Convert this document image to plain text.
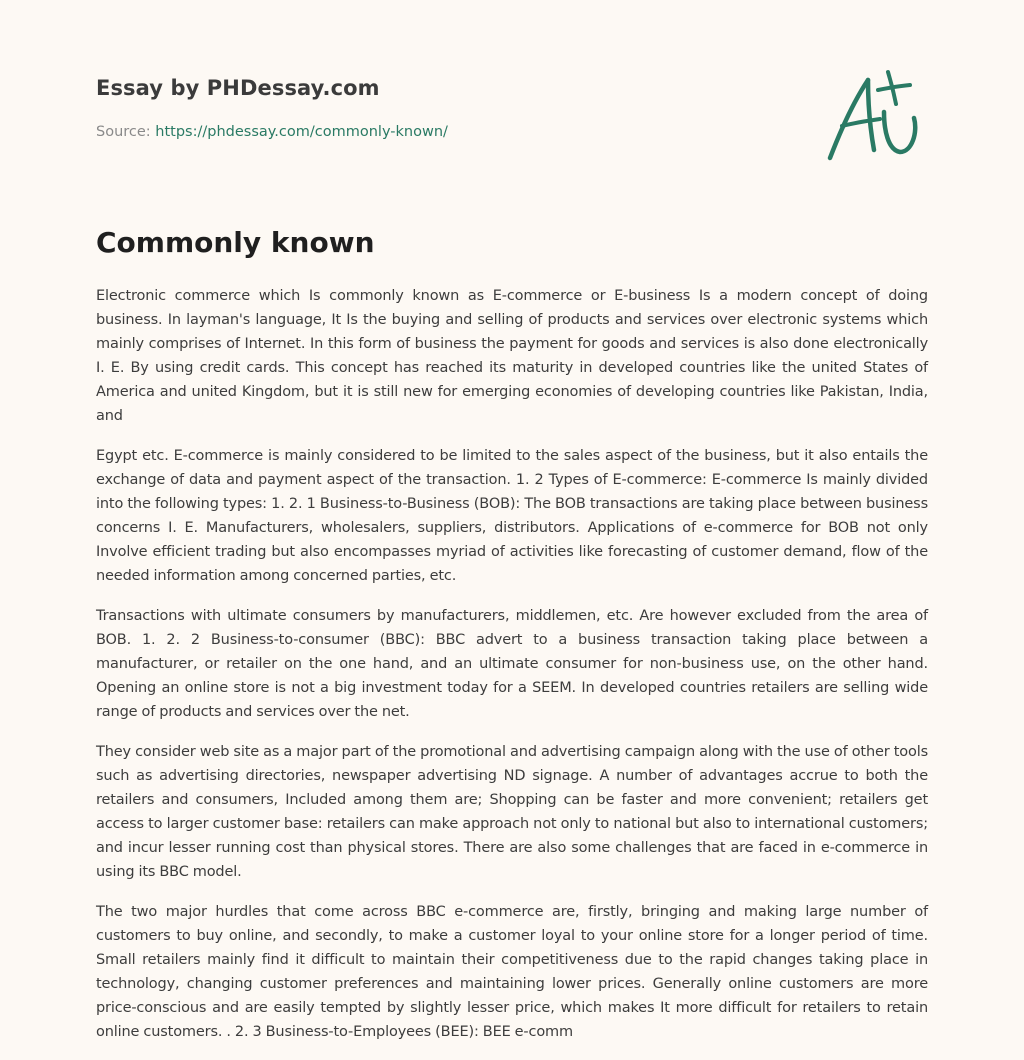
Essay by PHDessay.com
Source: https://phdessay.com/commonly-known/
Commonly known

Electronic commerce which Is commonly known as E-commerce or E-business Is a modern concept of doing business. In layman's language, It Is the buying and selling of products and services over electronic systems which mainly comprises of Internet. In this form of business the payment for goods and services is also done electronically I. E. By using credit cards. This concept has reached its maturity in developed countries like the united States of America and united Kingdom, but it is still new for emerging economies of developing countries like Pakistan, India, and

Egypt etc. E-commerce is mainly considered to be limited to the sales aspect of the business, but it also entails the exchange of data and payment aspect of the transaction. 1. 2 Types of E-commerce: E-commerce Is mainly divided into the following types: 1. 2. 1 Business-to-Business (BOB): The BOB transactions are taking place between business concerns I. E. Manufacturers, wholesalers, suppliers, distributors. Applications of e-commerce for BOB not only Involve efficient trading but also encompasses myriad of activities like forecasting of customer demand, flow of the needed information among concerned parties, etc.

Transactions with ultimate consumers by manufacturers, middlemen, etc. Are however excluded from the area of BOB. 1. 2. 2 Business-to-consumer (BBC): BBC advert to a business transaction taking place between a manufacturer, or retailer on the one hand, and an ultimate consumer for non-business use, on the other hand. Opening an online store is not a big investment today for a SEEM. In developed countries retailers are selling wide range of products and services over the net.

They consider web site as a major part of the promotional and advertising campaign along with the use of other tools such as advertising directories, newspaper advertising ND signage. A number of advantages accrue to both the retailers and consumers, Included among them are; Shopping can be faster and more convenient; retailers get access to larger customer base: retailers can make approach not only to national but also to international customers; and incur lesser running cost than physical stores. There are also some challenges that are faced in e-commerce in using its BBC model.

The two major hurdles that come across BBC e-commerce are, firstly, bringing and making large number of customers to buy online, and secondly, to make a customer loyal to your online store for a longer period of time. Small retailers mainly find it difficult to maintain their competitiveness due to the rapid changes taking place in technology, changing customer preferences and maintaining lower prices. Generally online customers are more price-conscious and are easily tempted by slightly lesser price, which makes It more difficult for retailers to retain online customers. . 2. 3 Business-to-Employees (BEE): BEE e-comm
